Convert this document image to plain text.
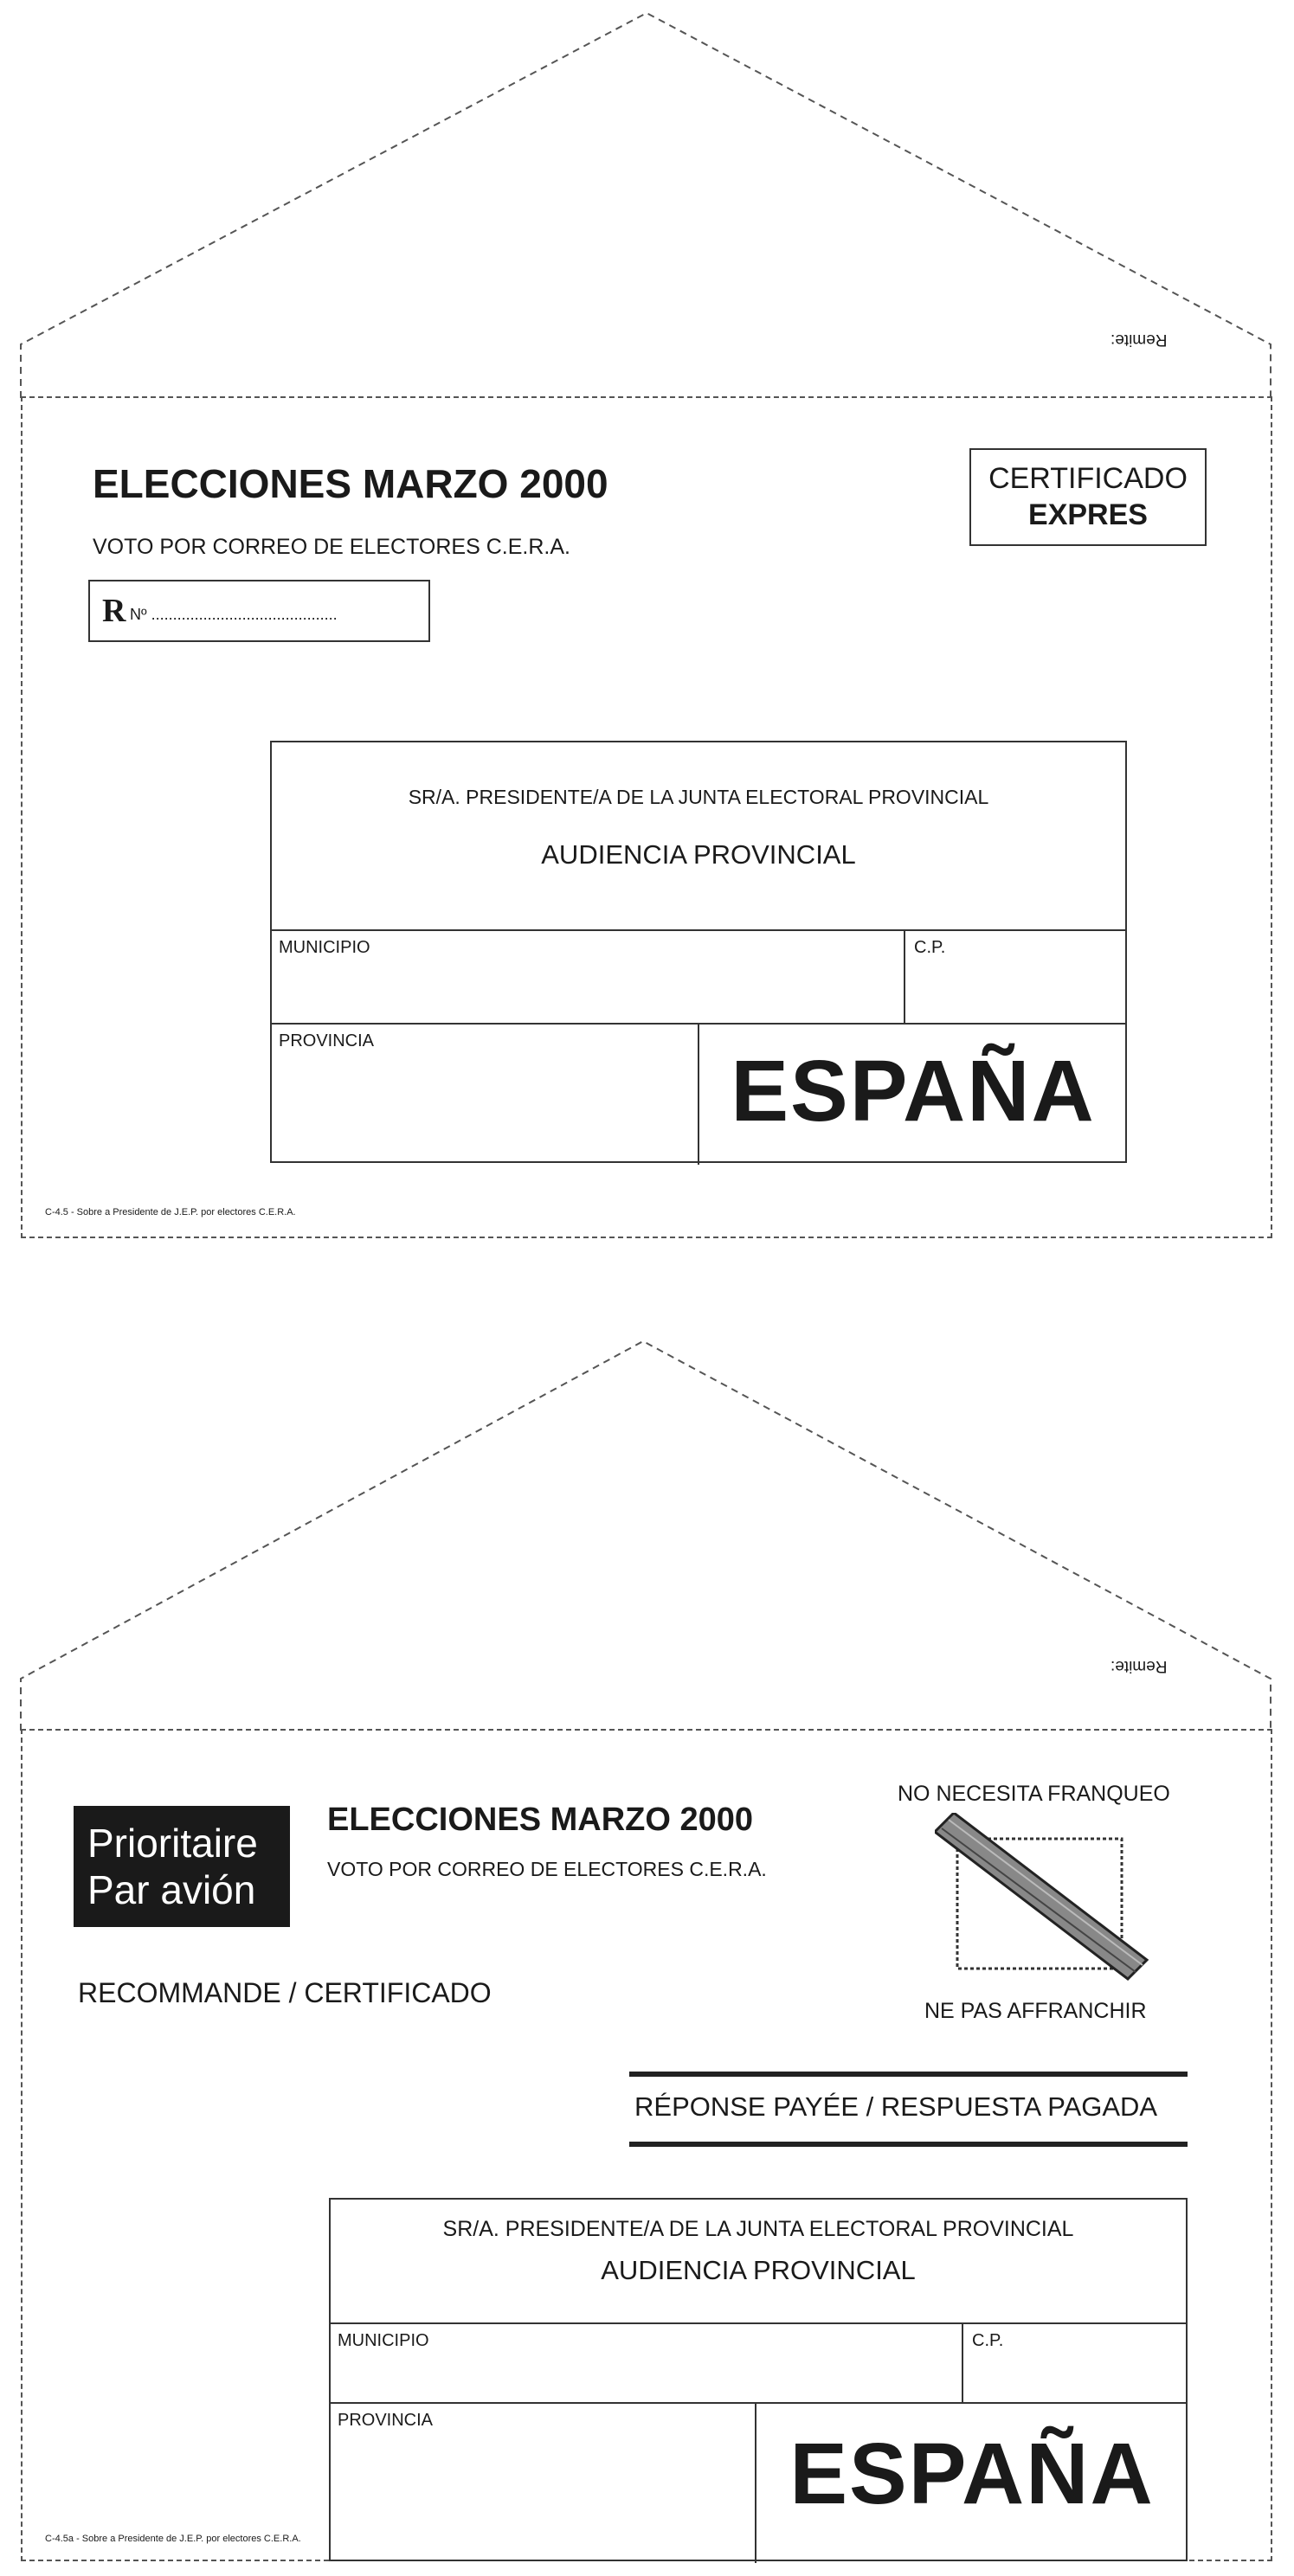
Remite:
ELECCIONES MARZO 2000
VOTO POR CORREO DE ELECTORES C.E.R.A.
R Nº ...........................................
CERTIFICADO
EXPRES
SR/A. PRESIDENTE/A DE LA JUNTA ELECTORAL PROVINCIAL
AUDIENCIA PROVINCIAL
MUNICIPIO	C.P.
PROVINCIA
ESPAÑA
C-4.5 - Sobre a Presidente de J.E.P. por electores C.E.R.A.
Remite:
Prioritaire
Par avión
ELECCIONES MARZO 2000
VOTO POR CORREO DE ELECTORES C.E.R.A.
RECOMMANDE / CERTIFICADO
NO NECESITA FRANQUEO
NE PAS AFFRANCHIR
RÉPONSE PAYÉE / RESPUESTA PAGADA
SR/A. PRESIDENTE/A DE LA JUNTA ELECTORAL PROVINCIAL
AUDIENCIA PROVINCIAL
MUNICIPIO	C.P.
PROVINCIA
ESPAÑA
C-4.5a - Sobre a Presidente de J.E.P. por electores C.E.R.A.
